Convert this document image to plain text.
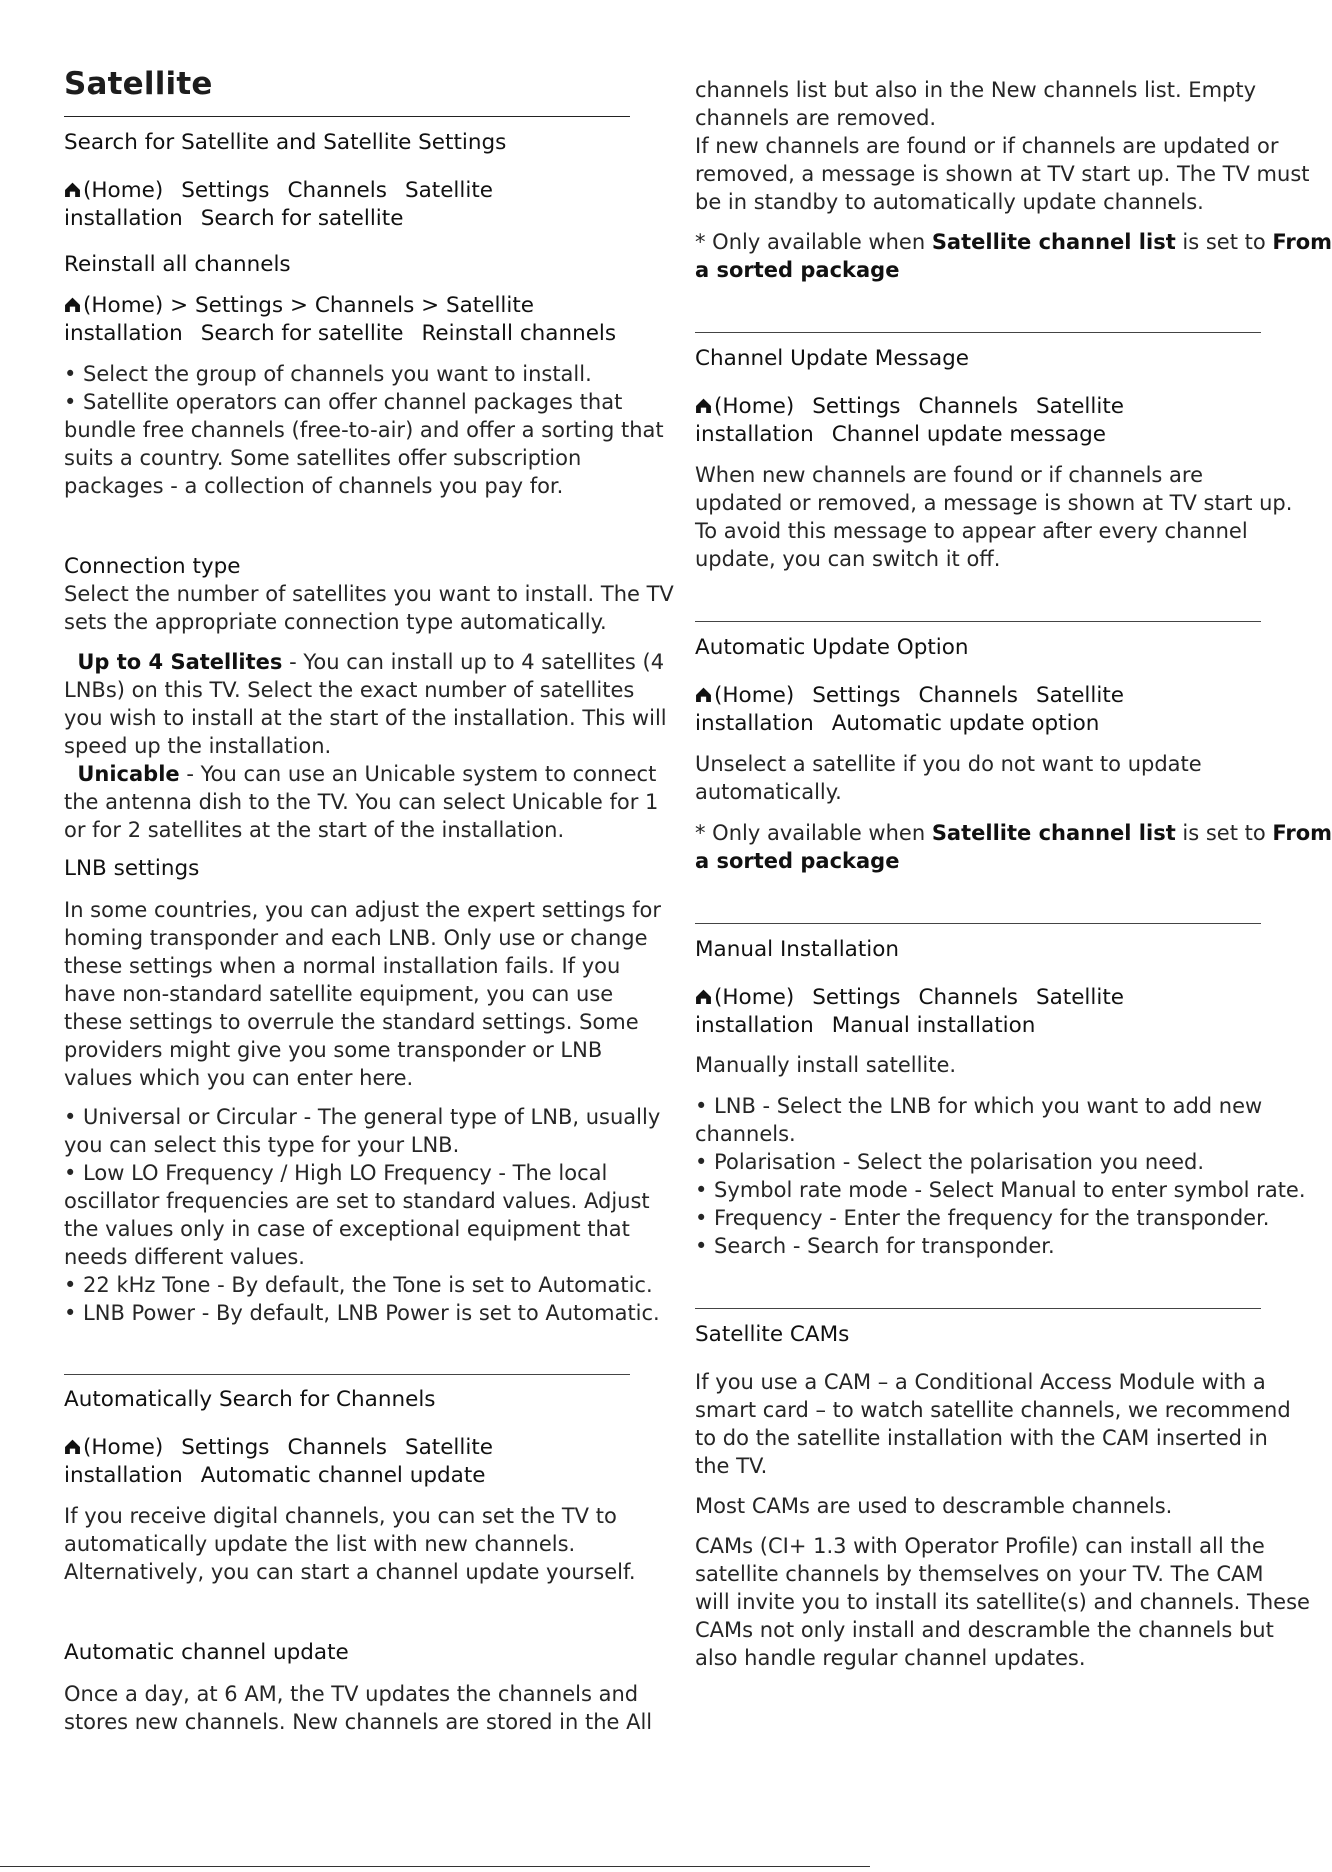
Satellite
Search for Satellite and Satellite Settings
(Home) Settings Channels Satellite
installation Search for satellite
Reinstall all channels
(Home) > Settings > Channels > Satellite
installation Search for satellite Reinstall channels
• Select the group of channels you want to install.
• Satellite operators can offer channel packages that
bundle free channels (free-to-air) and offer a sorting that
suits a country. Some satellites offer subscription
packages - a collection of channels you pay for.
Connection type
Select the number of satellites you want to install. The TV
sets the appropriate connection type automatically.
Up to 4 Satellites - You can install up to 4 satellites (4
LNBs) on this TV. Select the exact number of satellites
you wish to install at the start of the installation. This will
speed up the installation.
Unicable - You can use an Unicable system to connect
the antenna dish to the TV. You can select Unicable for 1
or for 2 satellites at the start of the installation.
LNB settings
In some countries, you can adjust the expert settings for
homing transponder and each LNB. Only use or change
these settings when a normal installation fails. If you
have non-standard satellite equipment, you can use
these settings to overrule the standard settings. Some
providers might give you some transponder or LNB
values which you can enter here.
• Universal or Circular - The general type of LNB, usually
you can select this type for your LNB.
• Low LO Frequency / High LO Frequency - The local
oscillator frequencies are set to standard values. Adjust
the values only in case of exceptional equipment that
needs different values.
• 22 kHz Tone - By default, the Tone is set to Automatic.
• LNB Power - By default, LNB Power is set to Automatic.
Automatically Search for Channels
(Home) Settings Channels Satellite
installation Automatic channel update
If you receive digital channels, you can set the TV to
automatically update the list with new channels.
Alternatively, you can start a channel update yourself.
Automatic channel update
Once a day, at 6 AM, the TV updates the channels and
stores new channels. New channels are stored in the All
channels list but also in the New channels list. Empty
channels are removed.
If new channels are found or if channels are updated or
removed, a message is shown at TV start up. The TV must
be in standby to automatically update channels.
* Only available when Satellite channel list is set to From
a sorted package
Channel Update Message
(Home) Settings Channels Satellite
installation Channel update message
When new channels are found or if channels are
updated or removed, a message is shown at TV start up.
To avoid this message to appear after every channel
update, you can switch it off.
Automatic Update Option
(Home) Settings Channels Satellite
installation Automatic update option
Unselect a satellite if you do not want to update
automatically.
* Only available when Satellite channel list is set to From
a sorted package
Manual Installation
(Home) Settings Channels Satellite
installation Manual installation
Manually install satellite.
• LNB - Select the LNB for which you want to add new
channels.
• Polarisation - Select the polarisation you need.
• Symbol rate mode - Select Manual to enter symbol rate.
• Frequency - Enter the frequency for the transponder.
• Search - Search for transponder.
Satellite CAMs
If you use a CAM – a Conditional Access Module with a
smart card – to watch satellite channels, we recommend
to do the satellite installation with the CAM inserted in
the TV.
Most CAMs are used to descramble channels.
CAMs (CI+ 1.3 with Operator Profile) can install all the
satellite channels by themselves on your TV. The CAM
will invite you to install its satellite(s) and channels. These
CAMs not only install and descramble the channels but
also handle regular channel updates.
